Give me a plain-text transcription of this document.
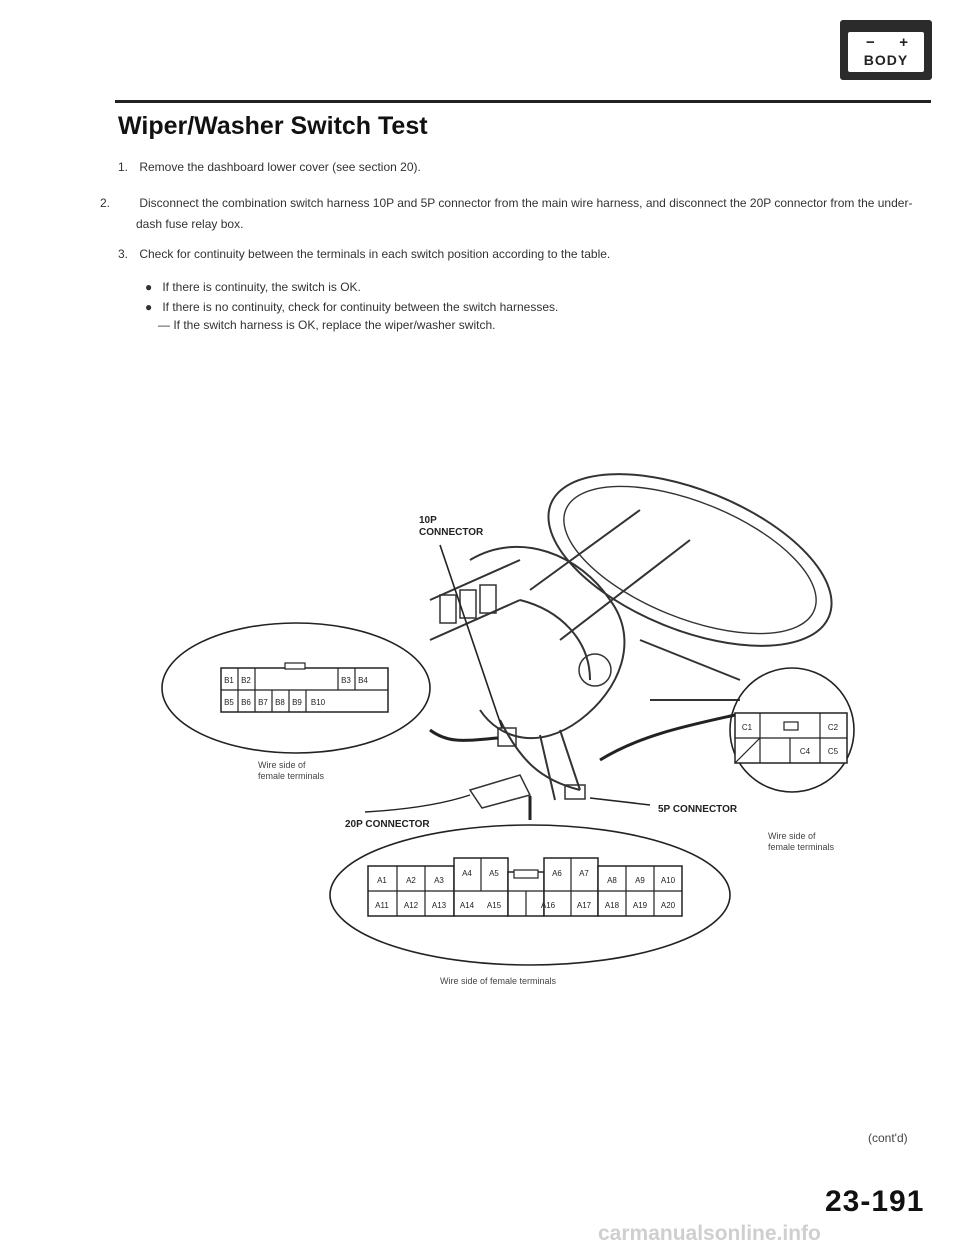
− +
BODY
Wiper/Washer Switch Test
1. Remove the dashboard lower cover (see section 20).
2. Disconnect the combination switch harness 10P and 5P connector from the main wire harness, and disconnect the 20P connector from the under-dash fuse relay box.
3. Check for continuity between the terminals in each switch position according to the table.
● If there is continuity, the switch is OK.
● If there is no continuity, check for continuity between the switch harnesses.
— If the switch harness is OK, replace the wiper/washer switch.
10P
CONNECTOR
B1 B2	B3 B4
B5 B6 B7 B8 B9 B10
Wire side of
female terminals
C1	C2
C4 C5
20P CONNECTOR
5P CONNECTOR
Wire side of
female terminals
A1 A2 A3
A4 A5	A6 A7
A8 A9 A10
A11 A12 A13 A14 A15	A16	A17 A18 A19 A20
Wire side of female terminals
(cont'd)
23-191
carmanualsonline.info
